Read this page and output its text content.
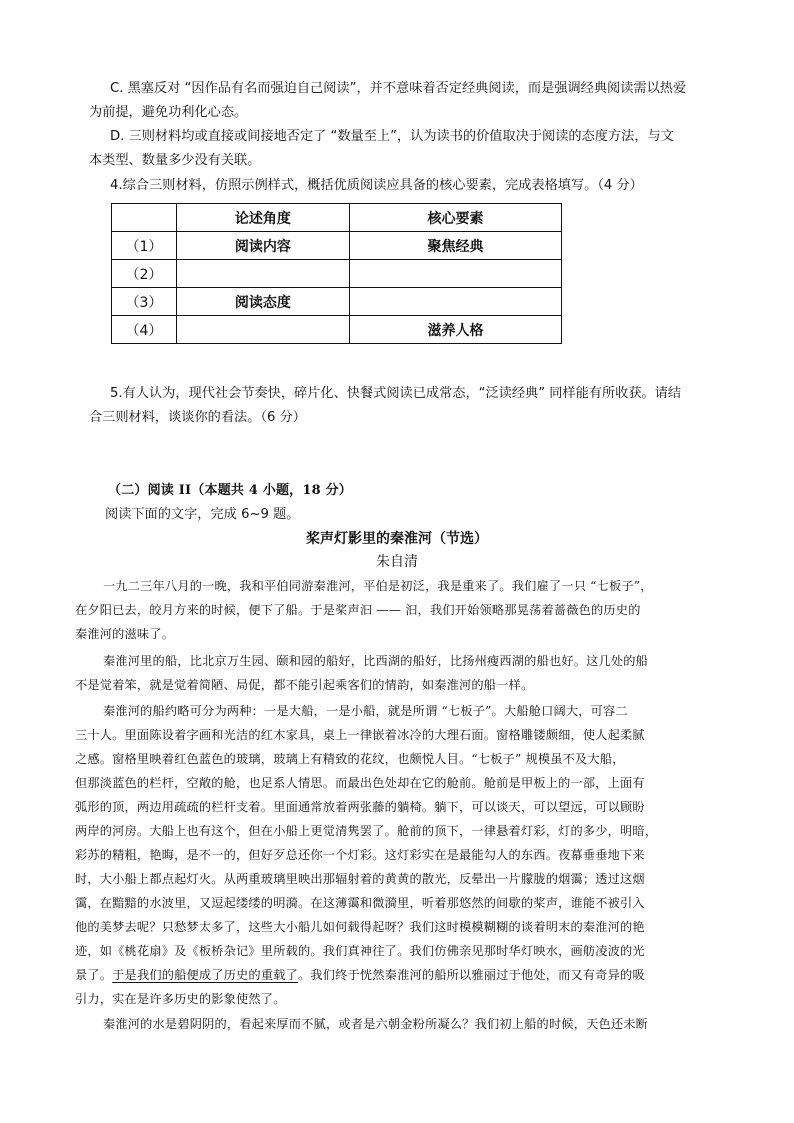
C. 黑塞反对 “因作品有名而强迫自己阅读”，并不意味着否定经典阅读，而是强调经典阅读需以热爱
为前提，避免功利化心态。
D. 三则材料均或直接或间接地否定了 “数量至上”，认为读书的价值取决于阅读的态度方法，与文
本类型、数量多少没有关联。
4.综合三则材料，仿照示例样式，概括优质阅读应具备的核心要素，完成表格填写。（4 分）
	论述角度	核心要素
（1）	阅读内容	聚焦经典
（2）		
（3）	阅读态度	
（4）		滋养人格
5.有人认为，现代社会节奏快，碎片化、快餐式阅读已成常态，“泛读经典” 同样能有所收获。请结
合三则材料，谈谈你的看法。（6 分）
（二）阅读 II（本题共 4 小题，18 分）
阅读下面的文字，完成 6~9 题。
桨声灯影里的秦淮河（节选）
朱自清
一九二三年八月的一晚，我和平伯同游秦淮河，平伯是初泛，我是重来了。我们雇了一只 “七板子”，
在夕阳已去，皎月方来的时候，便下了船。于是桨声汩 —— 汩，我们开始领略那晃荡着蔷薇色的历史的
秦淮河的滋味了。
秦淮河里的船，比北京万生园、颐和园的船好，比西湖的船好，比扬州瘦西湖的船也好。这几处的船
不是觉着笨，就是觉着简陋、局促，都不能引起乘客们的情韵，如秦淮河的船一样。
秦淮河的船约略可分为两种：一是大船，一是小船，就是所谓 “七板子”。大船舱口阔大，可容二
三十人。里面陈设着字画和光洁的红木家具，桌上一律嵌着冰冷的大理石面。窗格雕镂颇细，使人起柔腻
之感。窗格里映着红色蓝色的玻璃，玻璃上有精致的花纹，也颇悦人目。“七板子” 规模虽不及大船，
但那淡蓝色的栏杆，空敞的舱，也足系人情思。而最出色处却在它的舱前。舱前是甲板上的一部，上面有
弧形的顶，两边用疏疏的栏杆支着。里面通常放着两张藤的躺椅。躺下，可以谈天，可以望远，可以顾盼
两岸的河房。大船上也有这个，但在小船上更觉清隽罢了。舱前的顶下，一律悬着灯彩，灯的多少，明暗，
彩苏的精粗，艳晦，是不一的，但好歹总还你一个灯彩。这灯彩实在是最能勾人的东西。夜幕垂垂地下来
时，大小船上都点起灯火。从两重玻璃里映出那辐射着的黄黄的散光，反晕出一片朦胧的烟霭；透过这烟
霭，在黯黯的水波里，又逗起缕缕的明漪。在这薄霭和微漪里，听着那悠然的间歇的桨声，谁能不被引入
他的美梦去呢？只愁梦太多了，这些大小船儿如何载得起呀？我们这时模模糊糊的谈着明末的秦淮河的艳
迹，如《桃花扇》及《板桥杂记》里所载的。我们真神往了。我们仿佛亲见那时华灯映水，画舫凌波的光
景了。于是我们的船便成了历史的重载了。我们终于恍然秦淮河的船所以雅丽过于他处，而又有奇异的吸
引力，实在是许多历史的影象使然了。
秦淮河的水是碧阴阴的，看起来厚而不腻，或者是六朝金粉所凝么？我们初上船的时候，天色还未断
